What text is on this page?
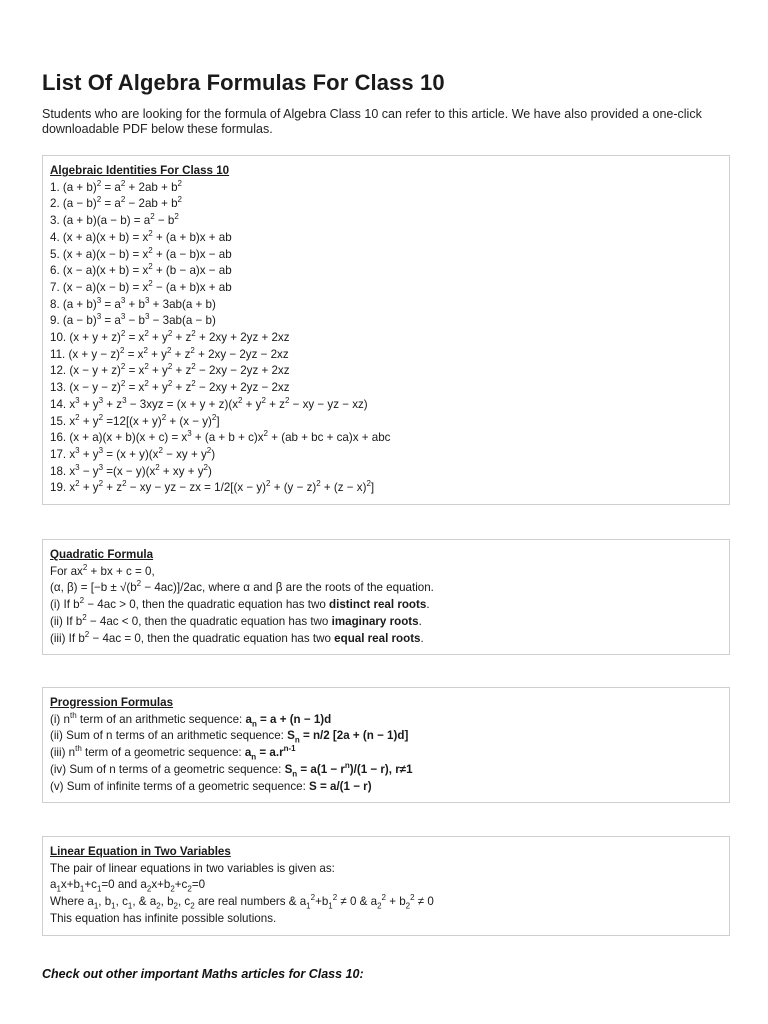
List Of Algebra Formulas For Class 10
Students who are looking for the formula of Algebra Class 10 can refer to this article. We have also provided a one-click downloadable PDF below these formulas.
Algebraic Identities For Class 10
1. $(a + b)^2 = a^2 + 2ab + b^2$
2. $(a - b)^2 = a^2 - 2ab + b^2$
3. $(a + b)(a - b) = a^2 - b^2$
4. $(x + a)(x + b) = x^2 + (a + b)x$ + ab
5. $(x + a)(x - b) = x^2 + (a - b)x$ − ab
6. $(x - a)(x + b) = x^2 + (b - a)x$ − ab
7. $(x - a)(x - b) = x^2 - (a + b)x$ + ab
8. $(a + b)^3 = a^3 + b^3 + 3ab(a + b)$
9. $(a - b)^3 = a^3 - b^3 - 3ab(a - b)$
10. $(x + y + z)^2 = x^2 + y^2 + z^2 + 2xy + 2yz + 2xz$
11. $(x + y - z)^2 = x^2 + y^2 + z^2 + 2xy - 2yz - 2xz$
12. $(x - y + z)^2 = x^2 + y^2 + z^2 - 2xy - 2yz + 2xz$
13. $(x - y - z)^2 = x^2 + y^2 + z^2 - 2xy + 2yz - 2xz$
14. $x^3 + y^3 + z^3 - 3xyz = (x + y + z)(x^2 + y^2 + z^2$ − xy − yz − xz)
15. $x^2 + y^2 =12[(x + y)^2 + (x - y)^2]$
16. $(x + a)(x + b)(x + c) = x^3 + (a + b + c)x^2 + (ab$ + bc + ca)x + abc
17. $x^3 + y^3 = (x + y)(x^2$ − xy + $y^2$)
18. $x^3 - y^3 =(x - y)(x^2$ + xy + $y^2$)
19. $x^2 + y^2 + z^2$ − xy − yz − zx = $1/2[(x - y)^2 + (y - z)^2 + (z - x)^2]$
Quadratic Formula
For $ax^2$ + bx + c = 0,
(α, $\beta) = [-b \pm √(b^2 - 4ac)]/2ac$, where α and β are the roots of the equation.
(i) If $b^2 - 4ac > 0$, then the quadratic equation has two distinct real roots.
(ii) If $b^2 - 4ac < 0$, then the quadratic equation has two imaginary roots.
(iii) If $b^2 - 4ac = 0$, then the quadratic equation has two equal real roots.
Progression Formulas
(i) $n^{th}$ term of an arithmetic sequence: $a_n = a + (n - 1)d$
(ii) Sum of n terms of an arithmetic sequence: $S_n = n/2$ [2a + (n − 1)d]
(iii) $n^{th}$ term of a geometric sequence: $a_n = a.r^{n-1}$
(iv) Sum of n terms of a geometric sequence: $S_n = a(1 - r^n)/(1 - r)$, r≠1
(v) Sum of infinite terms of a geometric sequence: S = a/(1 − r)
Linear Equation in Two Variables
The pair of linear equations in two variables is given as:
$a_1x+b_1+c_1=0$ and $a_2x+b_2+c_2=0$
Where $a_1$, $b_1$, $c_1$, & $a_2$, $b_2$, $c_2$ are real numbers & $a_1^2+b_1^2 \ne 0$ & $a_2^2 + b_2^2 \ne 0$
This equation has infinite possible solutions.
Check out other important Maths articles for Class 10:
